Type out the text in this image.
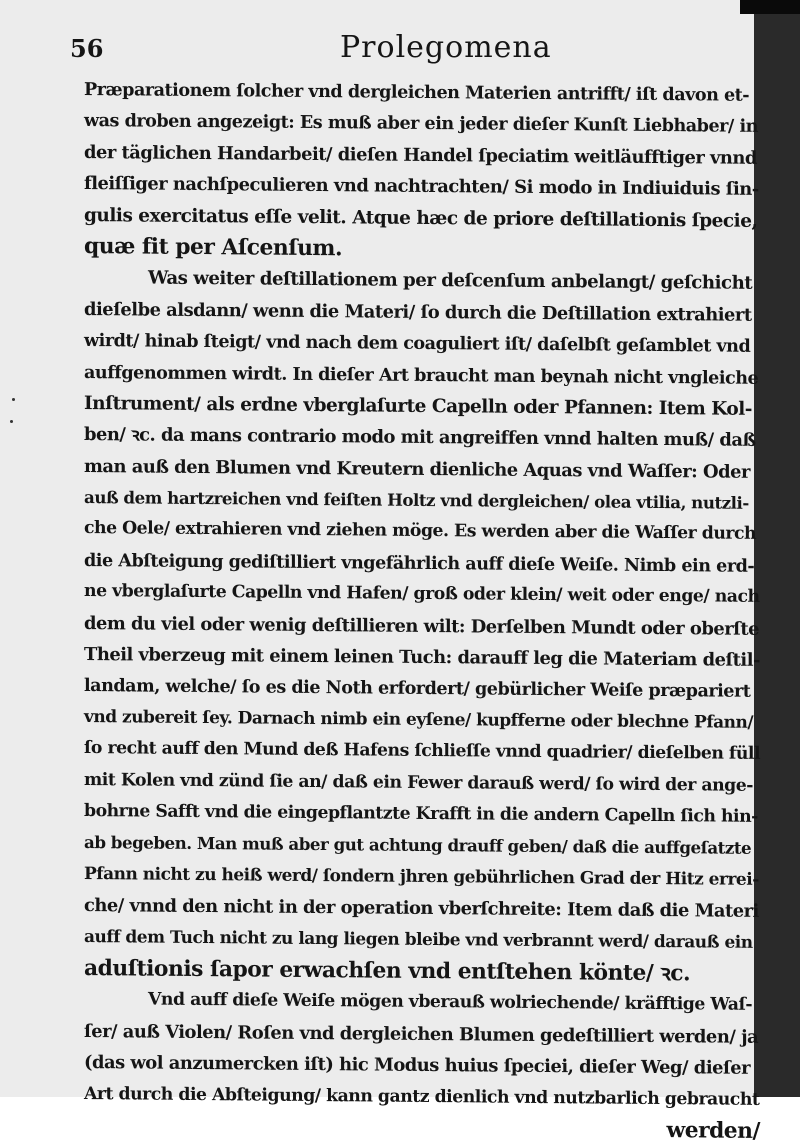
56	Prolegomena
Præparationem ſolcher vnd dergleichen Materien antrifft/ iſt davon et-
was droben angezeigt: Es muß aber ein jeder dieſer Kunſt Liebhaber/ in
der täglichen Handarbeit/ dieſen Handel ſpeciatim weitläufftiger vnnd
fleiſſiger nachſpeculieren vnd nachtrachten/ Si modo in Indiuiduis ſin-
gulis exercitatus eſſe velit. Atque hæc de priore deſtillationis ſpecie,
quæ fit per Aſcenſum.
Was weiter deſtillationem per deſcenſum anbelangt/ geſchicht
dieſelbe alsdann/ wenn die Materi/ ſo durch die Deſtillation extrahiert
wirdt/ hinab ſteigt/ vnd nach dem coaguliert iſt/ daſelbſt geſamblet vnd
auffgenommen wirdt. In dieſer Art braucht man beynah nicht vngleiche
Inſtrument/ als erdne vberglaſurte Capelln oder Pfannen: Item Kol-
ben/ ꝛc. da mans contrario modo mit angreiffen vnnd halten muß/ daß
man auß den Blumen vnd Kreutern dienliche Aquas vnd Waſſer: Oder
auß dem hartzreichen vnd feiſten Holtz vnd dergleichen/ olea vtilia, nutzli-
che Oele/ extrahieren vnd ziehen möge. Es werden aber die Waſſer durch
die Abſteigung gediſtilliert vngefährlich auff dieſe Weiſe. Nimb ein erd-
ne vberglaſurte Capelln vnd Hafen/ groß oder klein/ weit oder enge/ nach
dem du viel oder wenig deſtillieren wilt: Derſelben Mundt oder oberſte
Theil vberzeug mit einem leinen Tuch: darauff leg die Materiam deſtil-
landam, welche/ ſo es die Noth erfordert/ gebürlicher Weiſe præpariert
vnd zubereit ſey. Darnach nimb ein eyſene/ kupfferne oder blechne Pfann/
ſo recht auff den Mund deß Hafens ſchlieſſe vnnd quadrier/ dieſelben füll
mit Kolen vnd zünd ſie an/ daß ein Fewer darauß werd/ ſo wird der ange-
bohrne Safft vnd die eingepflantzte Krafft in die andern Capelln ſich hin-
ab begeben. Man muß aber gut achtung drauff geben/ daß die auffgeſatzte
Pfann nicht zu heiß werd/ ſondern jhren gebührlichen Grad der Hitz errei-
che/ vnnd den nicht in der operation vberſchreite: Item daß die Materi
auff dem Tuch nicht zu lang liegen bleibe vnd verbrannt werd/ darauß ein
aduſtionis ſapor erwachſen vnd entſtehen könte/ ꝛc.
Vnd auff dieſe Weiſe mögen vberauß wolriechende/ kräfftige Waſ-
ſer/ auß Violen/ Roſen vnd dergleichen Blumen gedeſtilliert werden/ ja
(das wol anzumercken iſt) hic Modus huius ſpeciei, dieſer Weg/ dieſer
Art durch die Abſteigung/ kann gantz dienlich vnd nutzbarlich gebraucht
werden/
